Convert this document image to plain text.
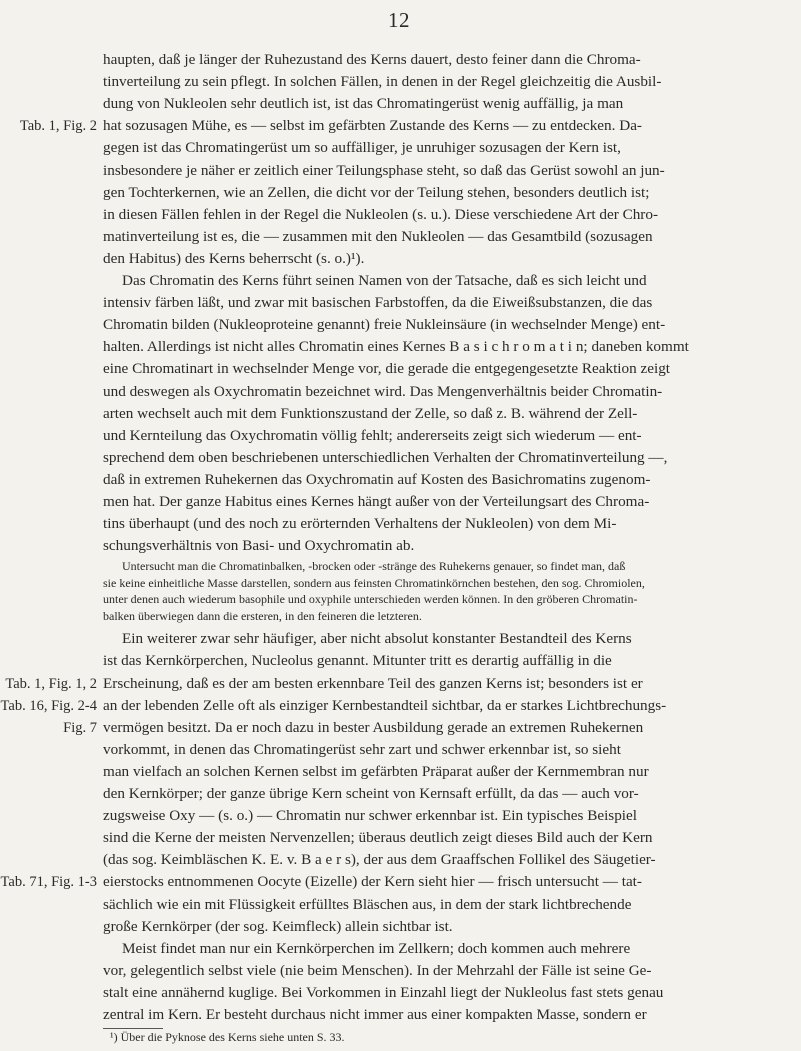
12
Tab. 1, Fig. 2
Tab. 1, Fig. 1, 2
Tab. 16, Fig. 2-4
Fig. 7
Tab. 71, Fig. 1-3
haupten, daß je länger der Ruhezustand des Kerns dauert, desto feiner dann die Chroma-
tinverteilung zu sein pflegt. In solchen Fällen, in denen in der Regel gleichzeitig die Ausbil-
dung von Nukleolen sehr deutlich ist, ist das Chromatingerüst wenig auffällig, ja man
hat sozusagen Mühe, es — selbst im gefärbten Zustande des Kerns — zu entdecken. Da-
gegen ist das Chromatingerüst um so auffälliger, je unruhiger sozusagen der Kern ist,
insbesondere je näher er zeitlich einer Teilungsphase steht, so daß das Gerüst sowohl an jun-
gen Tochterkernen, wie an Zellen, die dicht vor der Teilung stehen, besonders deutlich ist;
in diesen Fällen fehlen in der Regel die Nukleolen (s. u.). Diese verschiedene Art der Chro-
matinverteilung ist es, die — zusammen mit den Nukleolen — das Gesamtbild (sozusagen
den Habitus) des Kerns beherrscht (s. o.)¹).
Das Chromatin des Kerns führt seinen Namen von der Tatsache, daß es sich leicht und
intensiv färben läßt, und zwar mit basischen Farbstoffen, da die Eiweißsubstanzen, die das
Chromatin bilden (Nukleoproteine genannt) freie Nukleinsäure (in wechselnder Menge) ent-
halten. Allerdings ist nicht alles Chromatin eines Kernes B a s i c h r o m a t i n; daneben kommt
eine Chromatinart in wechselnder Menge vor, die gerade die entgegengesetzte Reaktion zeigt
und deswegen als Oxychromatin bezeichnet wird. Das Mengenverhältnis beider Chromatin-
arten wechselt auch mit dem Funktionszustand der Zelle, so daß z. B. während der Zell-
und Kernteilung das Oxychromatin völlig fehlt; andererseits zeigt sich wiederum — ent-
sprechend dem oben beschriebenen unterschiedlichen Verhalten der Chromatinverteilung —,
daß in extremen Ruhekernen das Oxychromatin auf Kosten des Basichromatins zugenom-
men hat. Der ganze Habitus eines Kernes hängt außer von der Verteilungsart des Chroma-
tins überhaupt (und des noch zu erörternden Verhaltens der Nukleolen) von dem Mi-
schungsverhältnis von Basi- und Oxychromatin ab.
Untersucht man die Chromatinbalken, -brocken oder -stränge des Ruhekerns genauer, so findet man, daß
sie keine einheitliche Masse darstellen, sondern aus feinsten Chromatinkörnchen bestehen, den sog. Chromiolen,
unter denen auch wiederum basophile und oxyphile unterschieden werden können. In den gröberen Chromatin-
balken überwiegen dann die ersteren, in den feineren die letzteren.
Ein weiterer zwar sehr häufiger, aber nicht absolut konstanter Bestandteil des Kerns
ist das Kernkörperchen, Nucleolus genannt. Mitunter tritt es derartig auffällig in die
Erscheinung, daß es der am besten erkennbare Teil des ganzen Kerns ist; besonders ist er
an der lebenden Zelle oft als einziger Kernbestandteil sichtbar, da er starkes Lichtbrechungs-
vermögen besitzt. Da er noch dazu in bester Ausbildung gerade an extremen Ruhekernen
vorkommt, in denen das Chromatingerüst sehr zart und schwer erkennbar ist, so sieht
man vielfach an solchen Kernen selbst im gefärbten Präparat außer der Kernmembran nur
den Kernkörper; der ganze übrige Kern scheint von Kernsaft erfüllt, da das — auch vor-
zugsweise Oxy — (s. o.) — Chromatin nur schwer erkennbar ist. Ein typisches Beispiel
sind die Kerne der meisten Nervenzellen; überaus deutlich zeigt dieses Bild auch der Kern
(das sog. Keimbläschen K. E. v. B a e r s), der aus dem Graaffschen Follikel des Säugetier-
eierstocks entnommenen Oocyte (Eizelle) der Kern sieht hier — frisch untersucht — tat-
sächlich wie ein mit Flüssigkeit erfülltes Bläschen aus, in dem der stark lichtbrechende
große Kernkörper (der sog. Keimfleck) allein sichtbar ist.
Meist findet man nur ein Kernkörperchen im Zellkern; doch kommen auch mehrere
vor, gelegentlich selbst viele (nie beim Menschen). In der Mehrzahl der Fälle ist seine Ge-
stalt eine annähernd kuglige. Bei Vorkommen in Einzahl liegt der Nukleolus fast stets genau
zentral im Kern. Er besteht durchaus nicht immer aus einer kompakten Masse, sondern er
¹) Über die Pyknose des Kerns siehe unten S. 33.
